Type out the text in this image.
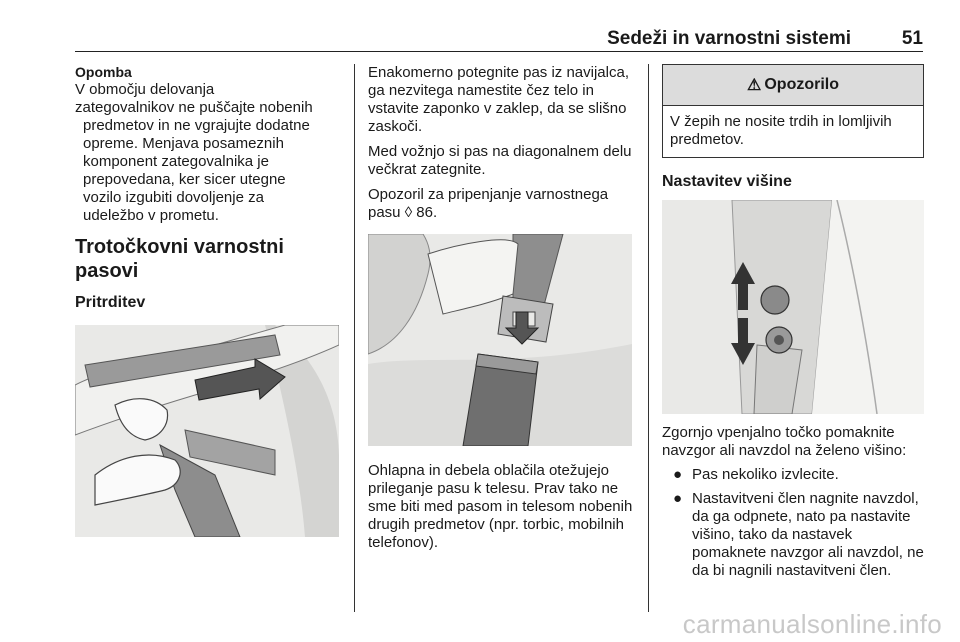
Sedeži in varnostni sistemi	51

Opomba

V območju delovanja

zategovalnikov ne puščajte nobenih

predmetov in ne vgrajujte dodatne

opreme. Menjava posameznih

komponent zategovalnika je

prepovedana, ker sicer utegne

vozilo izgubiti dovoljenje za

udeležbo v prometu.

Trotočkovni varnostni
pasovi
Pritrditev

Enakomerno potegnite pas iz navijalca, ga nezvitega namestite čez telo in vstavite zaponko v zaklep, da se slišno zaskoči.

Med vožnjo si pas na diagonalnem delu večkrat zategnite.

Opozoril za pripenjanje varnostnega pasu ◊ 86.

Ohlapna in debela oblačila otežujejo prileganje pasu k telesu. Prav tako ne sme biti med pasom in telesom nobenih drugih predmetov (npr. torbic, mobilnih telefonov).

⚠ Opozorilo

V žepih ne nosite trdih in lomljivih predmetov.

Nastavitev višine

Zgornjo vpenjalno točko pomaknite navzgor ali navzdol na želeno višino:

● Pas nekoliko izvlecite.
● Nastavitveni člen nagnite navzdol, da ga odpnete, nato pa nastavite višino, tako da nastavek pomaknete navzgor ali navzdol, ne da bi nagnili nastavitveni člen.
carmanualsonline.info
